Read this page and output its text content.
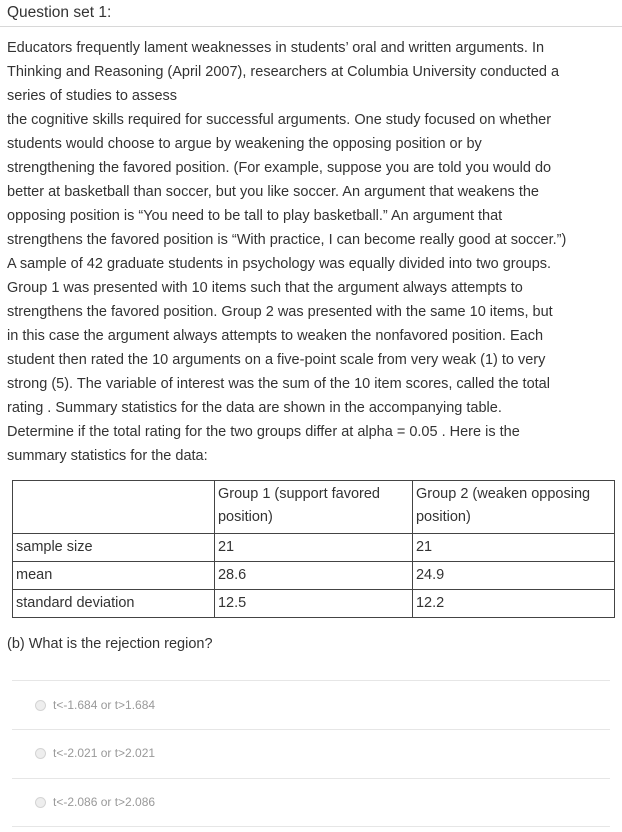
Question set 1:

Educators frequently lament weaknesses in students’ oral and written arguments. In

Thinking and Reasoning (April 2007), researchers at Columbia University conducted a

series of studies to assess

the cognitive skills required for successful arguments. One study focused on whether

students would choose to argue by weakening the opposing position or by

strengthening the favored position. (For example, suppose you are told you would do

better at basketball than soccer, but you like soccer. An argument that weakens the

opposing position is “You need to be tall to play basketball.” An argument that

strengthens the favored position is “With practice, I can become really good at soccer.”)

A sample of 42 graduate students in psychology was equally divided into two groups.

Group 1 was presented with 10 items such that the argument always attempts to

strengthens the favored position. Group 2 was presented with the same 10 items, but

in this case the argument always attempts to weaken the nonfavored position. Each

student then rated the 10 arguments on a five-point scale from very weak (1) to very

strong (5). The variable of interest was the sum of the 10 item scores, called the total

rating . Summary statistics for the data are shown in the accompanying table.

Determine if the total rating for the two groups differ at alpha = 0.05 . Here is the

summary statistics for the data:

	Group 1 (support favored position)	Group 2 (weaken opposing position)
sample size	21	21
mean	28.6	24.9
standard deviation	12.5	12.2
(b) What is the rejection region?
t<-1.684 or t>1.684
t<-2.021 or t>2.021
t<-2.086 or t>2.086
